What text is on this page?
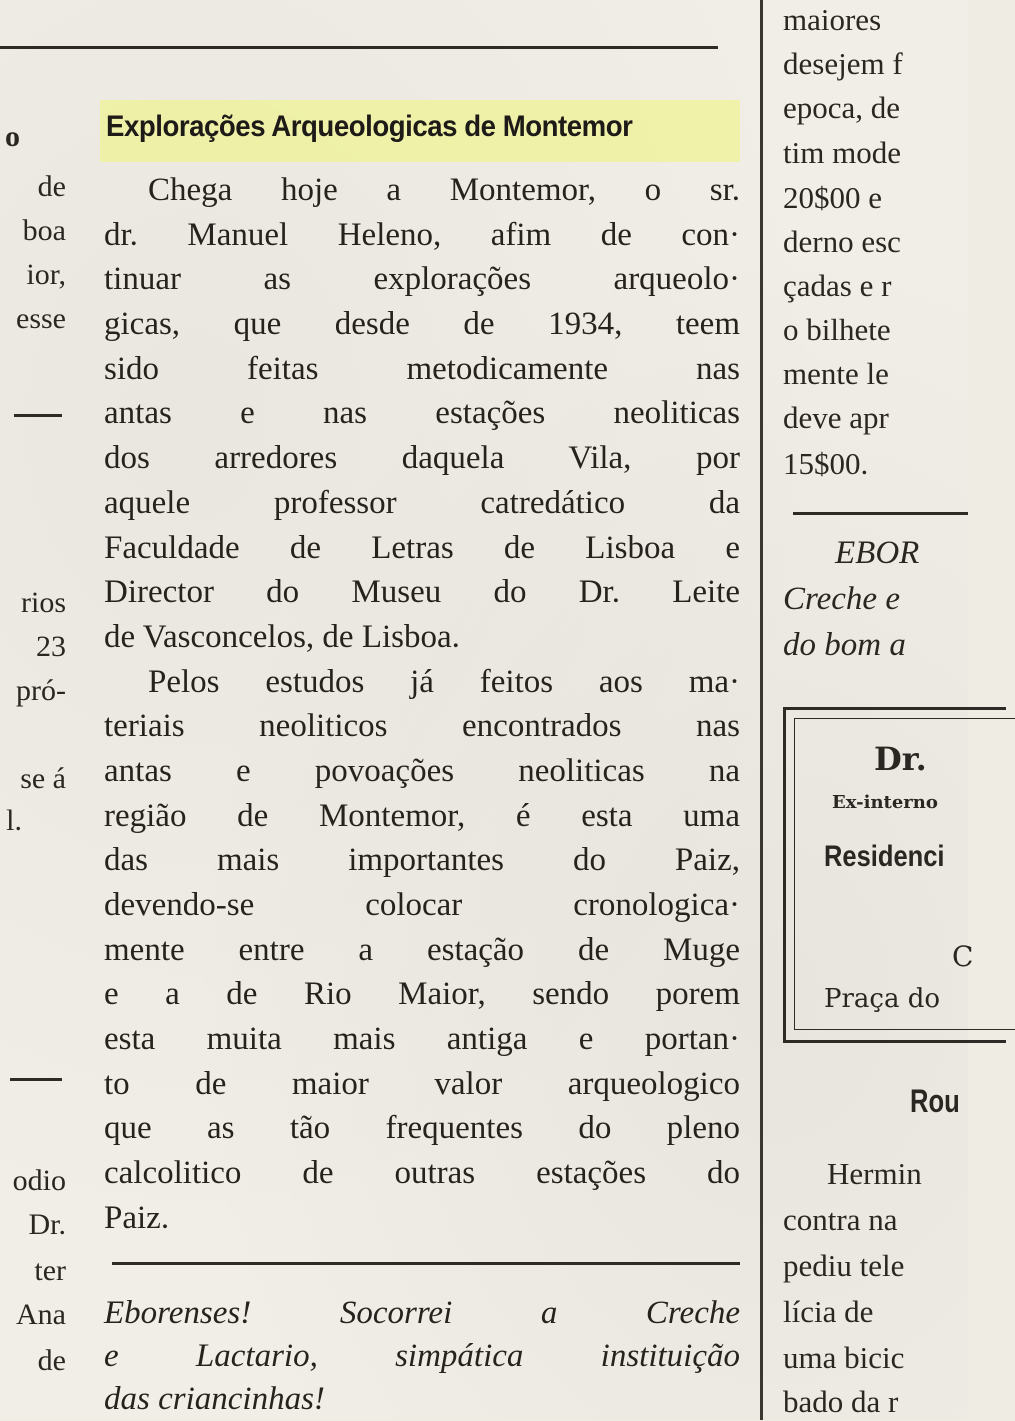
o
de
boa
ior,
esse
rios
23
pró-
se á
l.
odio
Dr.
ter
Ana
de
Explorações Arqueologicas de Montemor
Chega hoje a Montemor, o sr.
dr. Manuel Heleno, afim de con·
tinuar as explorações arqueolo·
gicas, que desde de 1934, teem
sido feitas metodicamente nas
antas e nas estações neoliticas
dos arredores daquela Vila, por
aquele professor catredático da
Faculdade de Letras de Lisboa e
Director do Museu do Dr. Leite
de Vasconcelos, de Lisboa.
Pelos estudos já feitos aos ma·
teriais neoliticos encontrados nas
antas e povoações neoliticas na
região de Montemor, é esta uma
das mais importantes do Paiz,
devendo-se colocar cronologica·
mente entre a estação de Muge
e a de Rio Maior, sendo porem
esta muita mais antiga e portan·
to de maior valor arqueologico
que as tão frequentes do pleno
calcolitico de outras estações do
Paiz.
Eborenses! Socorrei a Creche
e Lactario, simpática instituição
das criancinhas!
maiores
desejem f
epoca, de
tim mode
20$00 e
derno esc
çadas e r
o bilhete
mente le
deve apr
15$00.
EBOR
Creche e
do bom a
Dr.
Ex-interno
Residenci
C
Praça do
Rou
Hermin
contra na
pediu tele
lícia de
uma bicic
bado da r
